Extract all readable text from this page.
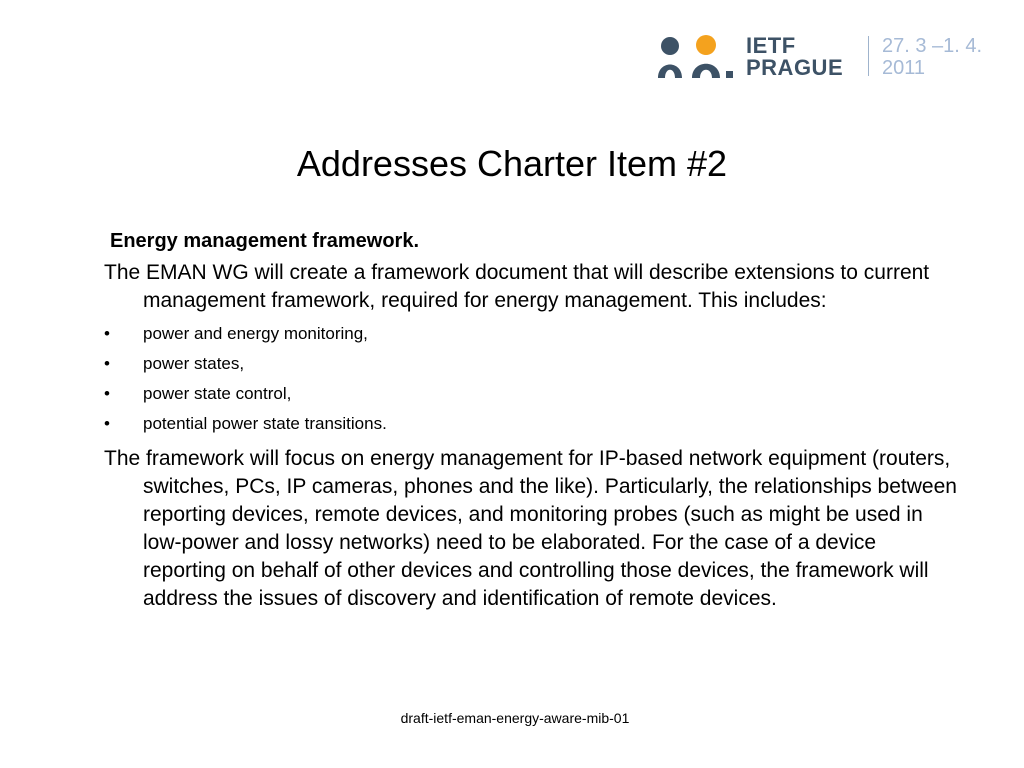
IETF
PRAGUE
27. 3 –1. 4.
2011
Addresses Charter Item #2

Energy management framework.

The EMAN WG will create a framework document that will describe extensions to current management framework, required for energy management. This includes:

• power and energy monitoring,
• power states,
• power state control,
• potential power state transitions.

The framework will focus on energy management for IP-based network equipment (routers, switches, PCs, IP cameras, phones and the like). Particularly, the relationships between reporting devices, remote devices, and monitoring probes (such as might be used in low-power and lossy networks) need to be elaborated. For the case of a device reporting on behalf of other devices and controlling those devices, the framework will address the issues of discovery and identification of remote devices.

draft-ietf-eman-energy-aware-mib-01
